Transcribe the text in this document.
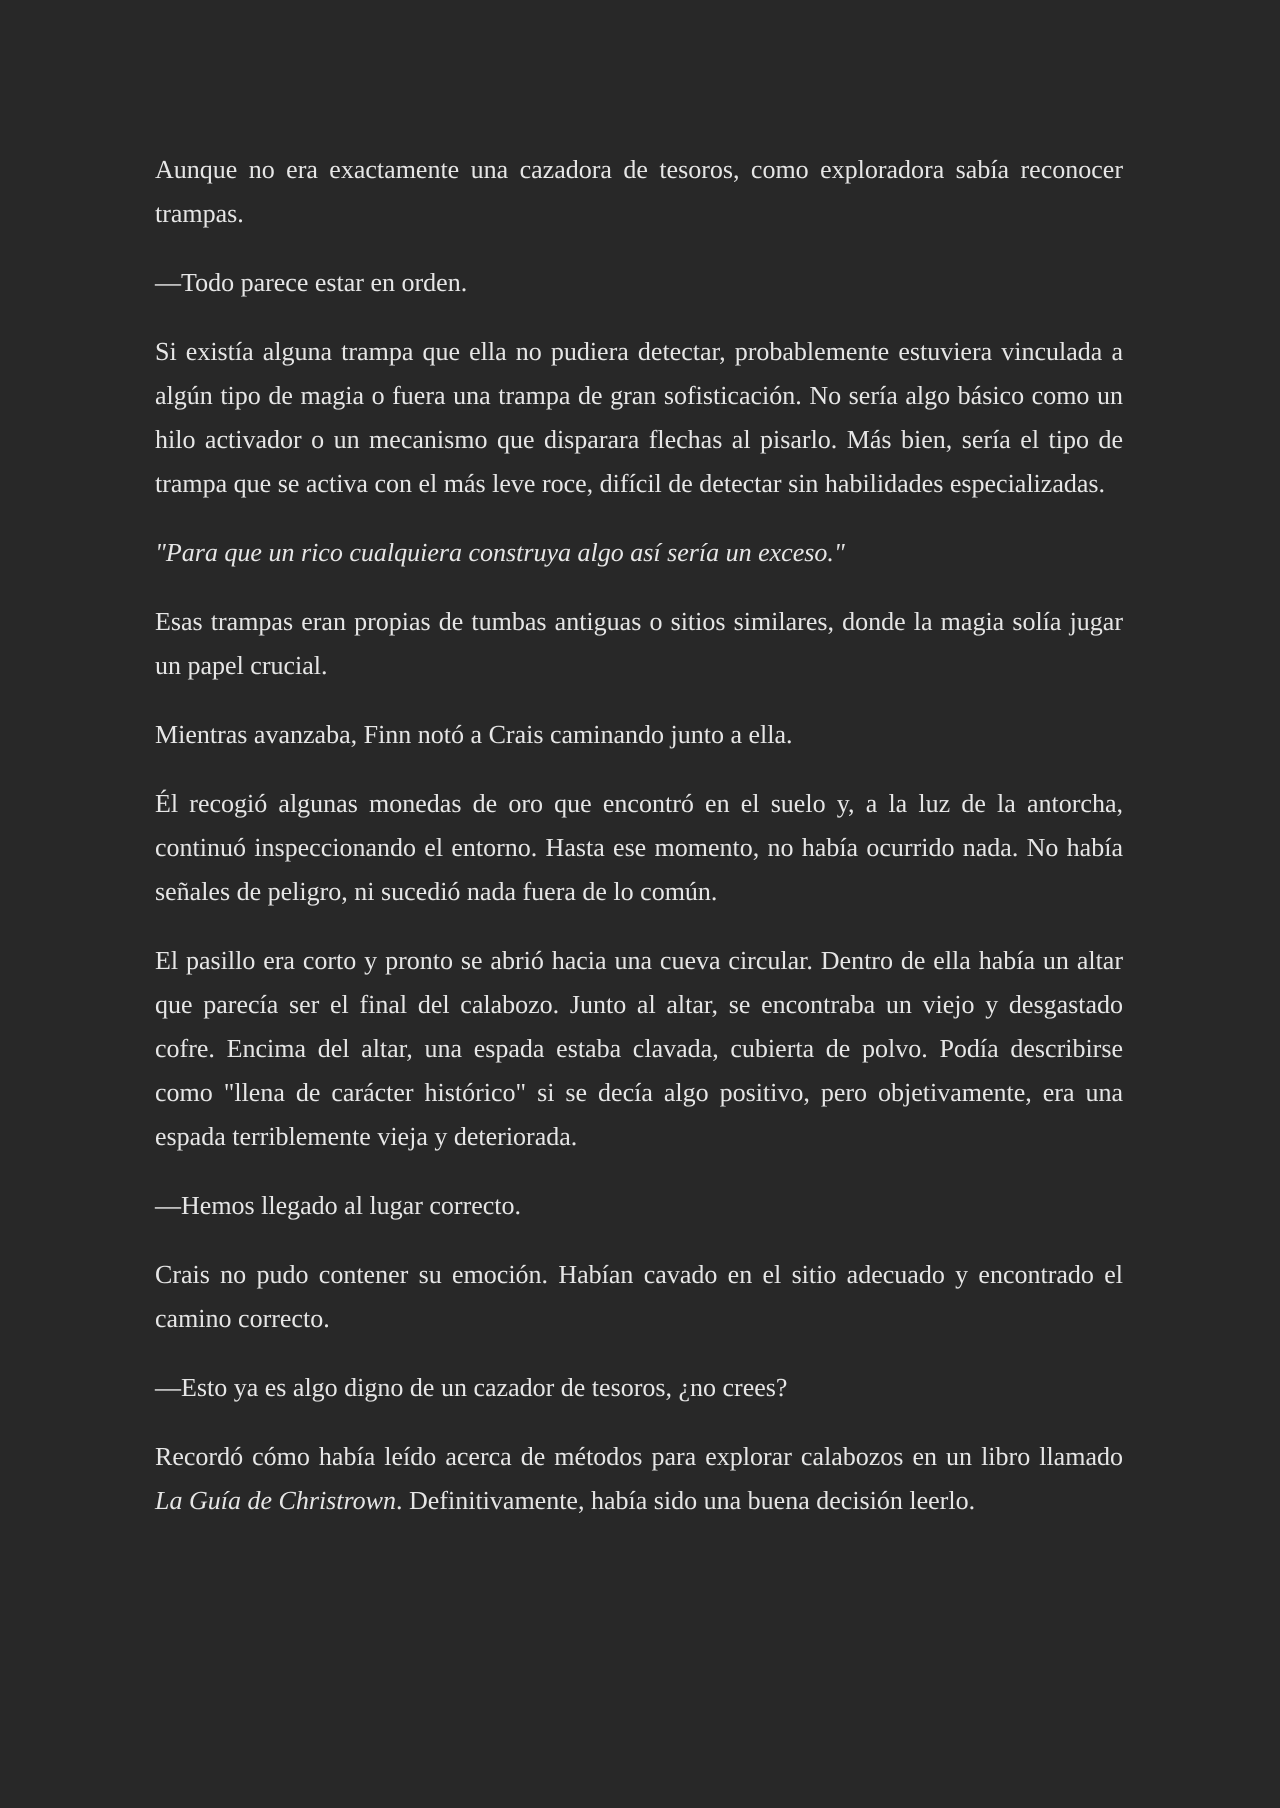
Aunque no era exactamente una cazadora de tesoros, como exploradora sabía reconocer trampas.

—Todo parece estar en orden.

Si existía alguna trampa que ella no pudiera detectar, probablemente estuviera vinculada a algún tipo de magia o fuera una trampa de gran sofisticación. No sería algo básico como un hilo activador o un mecanismo que disparara flechas al pisarlo. Más bien, sería el tipo de trampa que se activa con el más leve roce, difícil de detectar sin habilidades especializadas.

"Para que un rico cualquiera construya algo así sería un exceso."

Esas trampas eran propias de tumbas antiguas o sitios similares, donde la magia solía jugar un papel crucial.

Mientras avanzaba, Finn notó a Crais caminando junto a ella.

Él recogió algunas monedas de oro que encontró en el suelo y, a la luz de la antorcha, continuó inspeccionando el entorno. Hasta ese momento, no había ocurrido nada. No había señales de peligro, ni sucedió nada fuera de lo común.

El pasillo era corto y pronto se abrió hacia una cueva circular. Dentro de ella había un altar que parecía ser el final del calabozo. Junto al altar, se encontraba un viejo y desgastado cofre. Encima del altar, una espada estaba clavada, cubierta de polvo. Podía describirse como "llena de carácter histórico" si se decía algo positivo, pero objetivamente, era una espada terriblemente vieja y deteriorada.

—Hemos llegado al lugar correcto.

Crais no pudo contener su emoción. Habían cavado en el sitio adecuado y encontrado el camino correcto.

—Esto ya es algo digno de un cazador de tesoros, ¿no crees?

Recordó cómo había leído acerca de métodos para explorar calabozos en un libro llamado La Guía de Christrown. Definitivamente, había sido una buena decisión leerlo.
